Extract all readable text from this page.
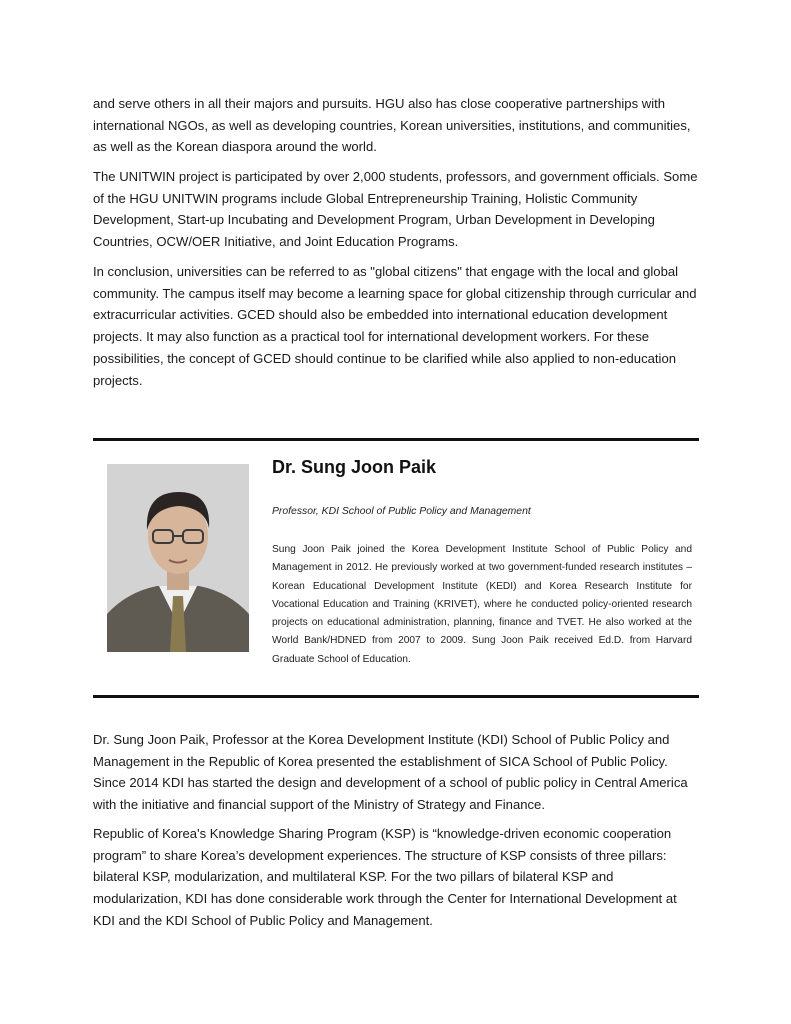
and serve others in all their majors and pursuits. HGU also has close cooperative partnerships with international NGOs, as well as developing countries, Korean universities, institutions, and communities, as well as the Korean diaspora around the world.

The UNITWIN project is participated by over 2,000 students, professors, and government officials. Some of the HGU UNITWIN programs include Global Entrepreneurship Training, Holistic Community Development, Start-up Incubating and Development Program, Urban Development in Developing Countries, OCW/OER Initiative, and Joint Education Programs.

In conclusion, universities can be referred to as "global citizens" that engage with the local and global community. The campus itself may become a learning space for global citizenship through curricular and extracurricular activities. GCED should also be embedded into international education development projects. It may also function as a practical tool for international development workers. For these possibilities, the concept of GCED should continue to be clarified while also applied to non-education projects.

Dr. Sung Joon Paik

Professor, KDI School of Public Policy and Management

Sung Joon Paik joined the Korea Development Institute School of Public Policy and Management in 2012. He previously worked at two government-funded research institutes – Korean Educational Development Institute (KEDI) and Korea Research Institute for Vocational Education and Training (KRIVET), where he conducted policy-oriented research projects on educational administration, planning, finance and TVET. He also worked at the World Bank/HDNED from 2007 to 2009. Sung Joon Paik received Ed.D. from Harvard Graduate School of Education.

Dr. Sung Joon Paik, Professor at the Korea Development Institute (KDI) School of Public Policy and Management in the Republic of Korea presented the establishment of SICA School of Public Policy. Since 2014 KDI has started the design and development of a school of public policy in Central America with the initiative and financial support of the Ministry of Strategy and Finance.

Republic of Korea's Knowledge Sharing Program (KSP) is “knowledge-driven economic cooperation program” to share Korea’s development experiences. The structure of KSP consists of three pillars: bilateral KSP, modularization, and multilateral KSP. For the two pillars of bilateral KSP and modularization, KDI has done considerable work through the Center for International Development at KDI and the KDI School of Public Policy and Management.
